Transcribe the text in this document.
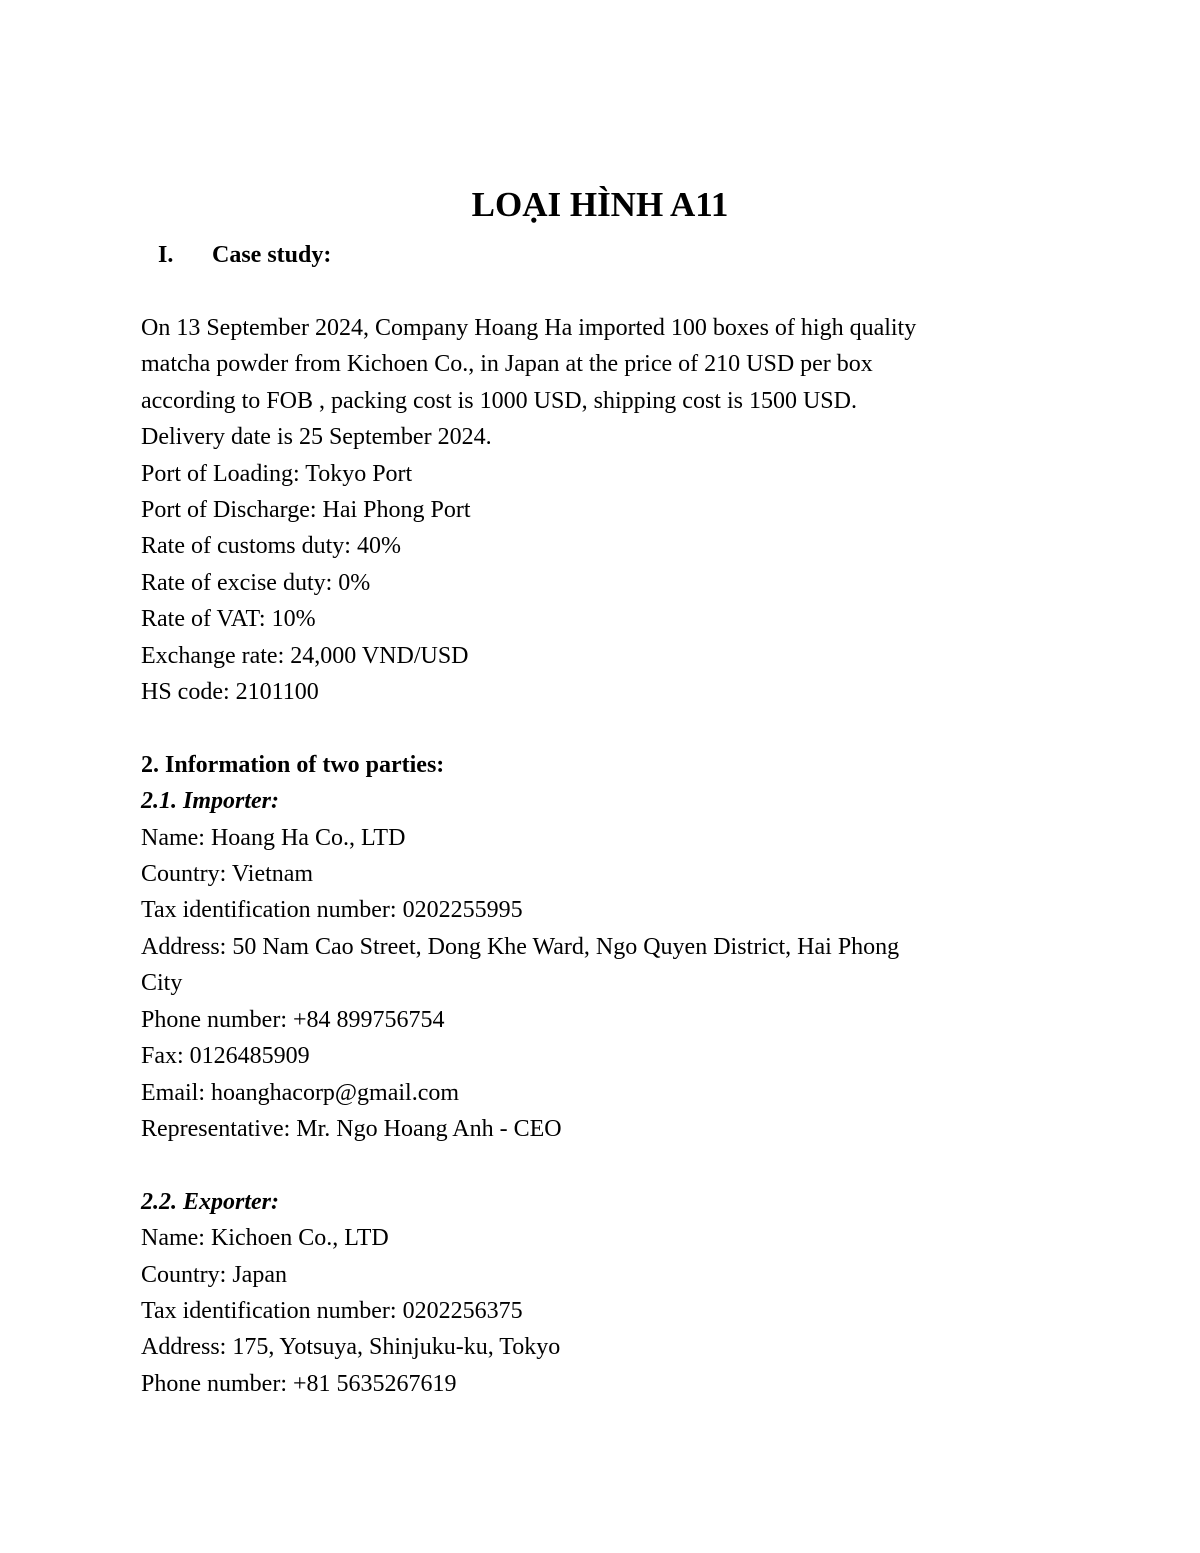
LOẠI HÌNH A11
I. Case study:

On 13 September 2024, Company Hoang Ha imported 100 boxes of high quality

matcha powder from Kichoen Co., in Japan at the price of 210 USD per box

according to FOB , packing cost is 1000 USD, shipping cost is 1500 USD.

Delivery date is 25 September 2024.

Port of Loading: Tokyo Port

Port of Discharge: Hai Phong Port

Rate of customs duty: 40%

Rate of excise duty: 0%

Rate of VAT: 10%

Exchange rate: 24,000 VND/USD

HS code: 2101100

2. Information of two parties:

2.1. Importer:

Name: Hoang Ha Co., LTD

Country: Vietnam

Tax identification number: 0202255995

Address: 50 Nam Cao Street, Dong Khe Ward, Ngo Quyen District, Hai Phong

City

Phone number: +84 899756754

Fax: 0126485909

Email: hoanghacorp@gmail.com

Representative: Mr. Ngo Hoang Anh - CEO

2.2. Exporter:

Name: Kichoen Co., LTD

Country: Japan

Tax identification number: 0202256375

Address: 175, Yotsuya, Shinjuku-ku, Tokyo

Phone number: +81 5635267619
